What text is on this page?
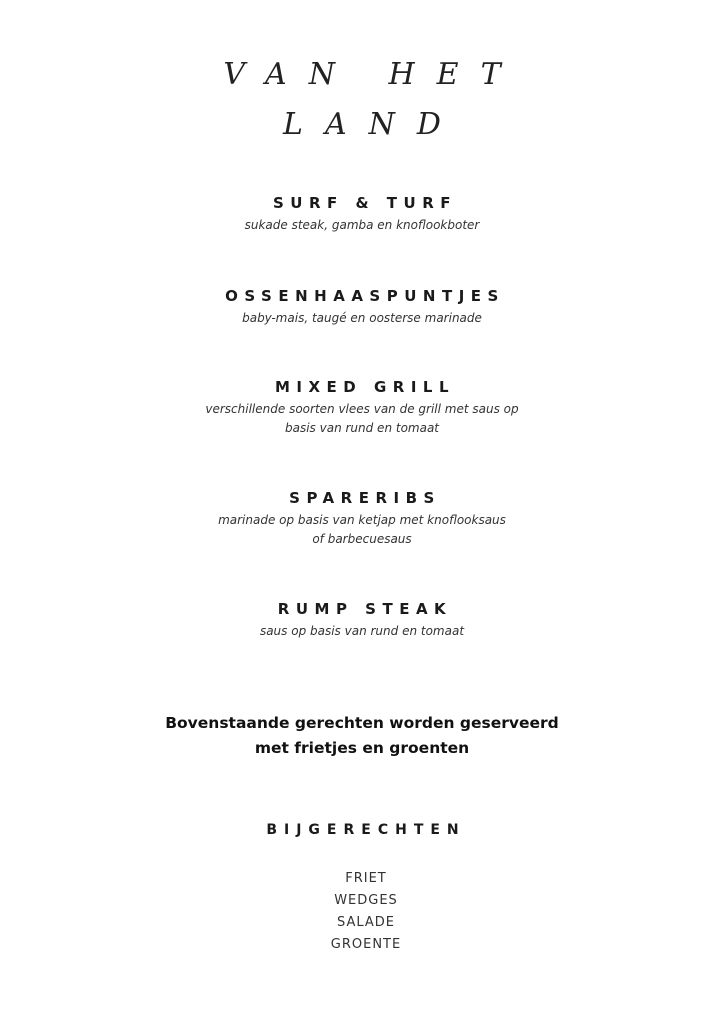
VAN HET
LAND
SURF & TURF
sukade steak, gamba en knoflookboter
OSSENHAASPUNTJES
baby-mais, taugé en oosterse marinade
MIXED GRILL
verschillende soorten vlees van de grill met saus op
basis van rund en tomaat
SPARERIBS
marinade op basis van ketjap met knoflooksaus
of barbecuesaus
RUMP STEAK
saus op basis van rund en tomaat
Bovenstaande gerechten worden geserveerd
met frietjes en groenten
BIJGERECHTEN
FRIET
WEDGES
SALADE
GROENTE
